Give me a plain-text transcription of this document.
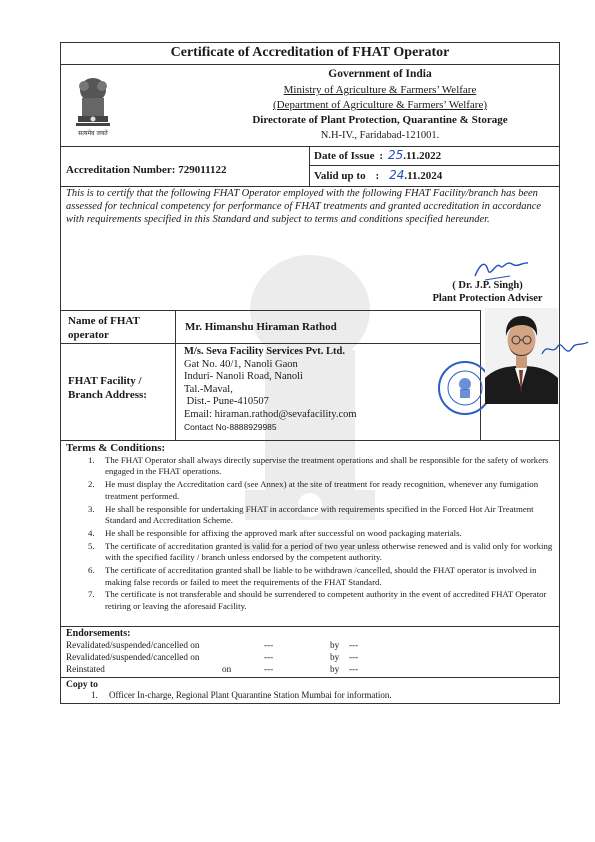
Certificate of Accreditation of FHAT Operator
सत्यमेव जयते
Government of India
Ministry of Agriculture & Farmers’ Welfare
(Department of Agriculture & Farmers’ Welfare)
Directorate of Plant Protection, Quarantine & Storage
N.H-IV., Faridabad-121001.
Accreditation Number: 729011122
Date of Issue : 25.11.2022
Valid up to : 24.11.2024
This is to certify that the following FHAT Operator employed with the following FHAT Facility/branch has been assessed for technical competency for performance of FHAT treatments and granted accreditation in accordance with requirements specified in this Standard and subject to terms and conditions specified hereunder.
( Dr. J.P. Singh)
Plant Protection Adviser
Name of FHAT operator
Mr. Himanshu Hiraman Rathod
FHAT Facility / Branch Address:
M/s. Seva Facility Services Pvt. Ltd.
Gat No. 40/1, Nanoli Gaon
Induri- Nanoli Road, Nanoli
Tal.-Maval,
Dist.- Pune-410507
Email: hiraman.rathod@sevafacility.com
Contact No-8888929985
Terms & Conditions:
1. The FHAT Operator shall always directly supervise the treatment operations and shall be responsible for the safety of workers engaged in the FHAT operations.
2. He must display the Accreditation card (see Annex) at the site of treatment for ready recognition, whenever any fumigation treatment performed.
3. He shall be responsible for undertaking FHAT in accordance with requirements specified in the Forced Hot Air Treatment Standard and Accreditation Scheme.
4. He shall be responsible for affixing the approved mark after successful on wood packaging materials.
5. The certificate of accreditation granted is valid for a period of two year unless otherwise renewed and is valid only for working with the specified facility / branch unless endorsed by the competent authority.
6. The certificate of accreditation granted shall be liable to be withdrawn /cancelled, should the FHAT operator is involved in making false records or failed to meet the requirements of the FHAT Standard.
7. The certificate is not transferable and should be surrendered to competent authority in the event of accredited FHAT Operator retiring or leaving the aforesaid Facility.
Endorsements:
Revalidated/suspended/cancelled on	---	by ---
Revalidated/suspended/cancelled on	---	by ---
Reinstated	on	---	by ---
Copy to
1. Officer In-charge, Regional Plant Quarantine Station Mumbai for information.
